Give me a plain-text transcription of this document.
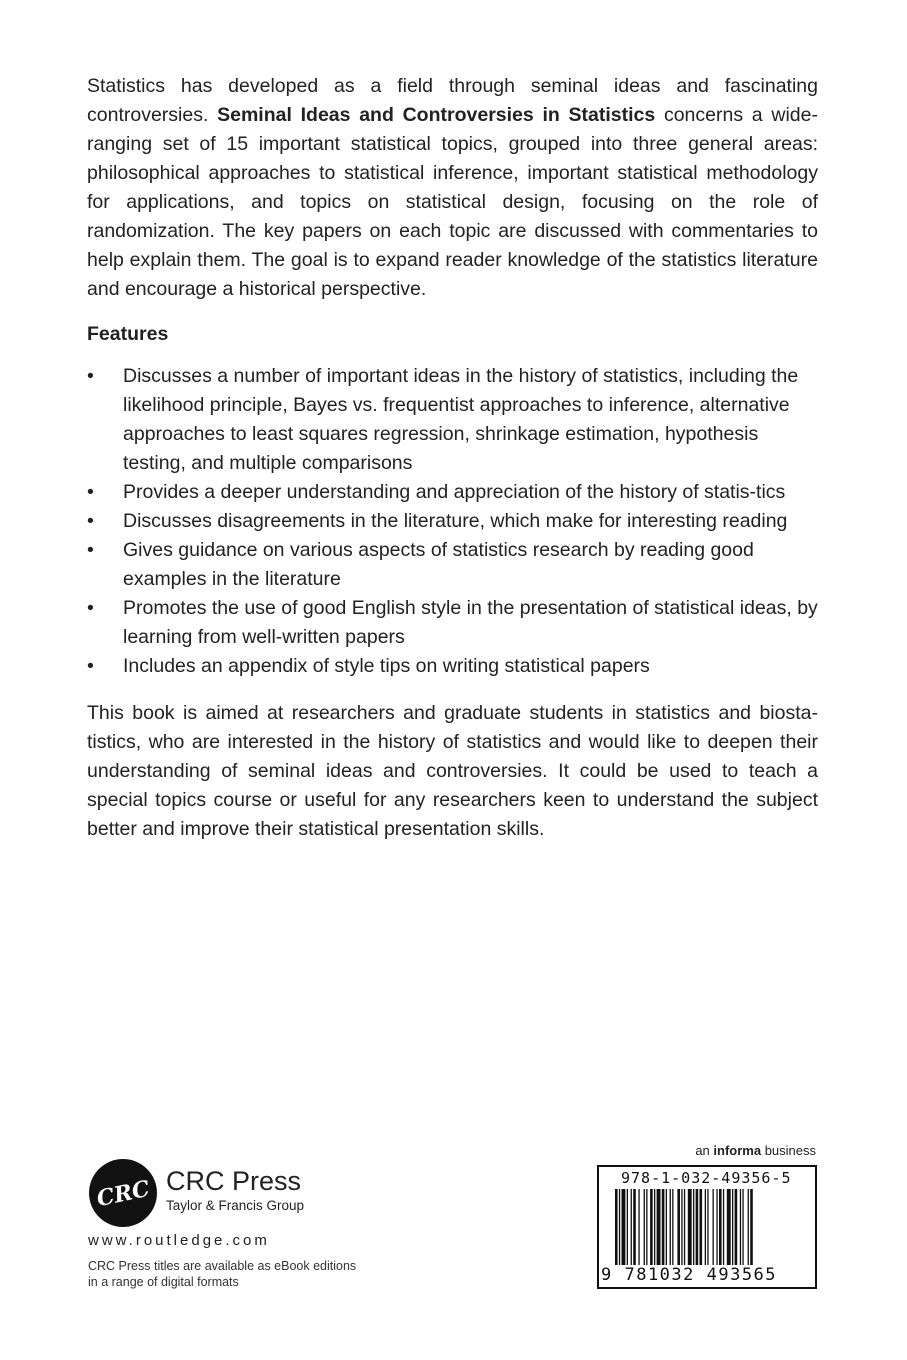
Statistics has developed as a field through seminal ideas and fascinating controversies. Seminal Ideas and Controversies in Statistics concerns a wide-ranging set of 15 important statistical topics, grouped into three general areas: philosophical approaches to statistical inference, important statistical methodology for applications, and topics on statistical design, focusing on the role of randomization. The key papers on each topic are discussed with commentaries to help explain them. The goal is to expand reader knowledge of the statistics literature and encourage a historical perspective.

Features
• Discusses a number of important ideas in the history of statistics, including the likelihood principle, Bayes vs. frequentist approaches to inference, alternative approaches to least squares regression, shrinkage estimation, hypothesis testing, and multiple comparisons
• Provides a deeper understanding and appreciation of the history of statis-tics
• Discusses disagreements in the literature, which make for interesting reading
• Gives guidance on various aspects of statistics research by reading good examples in the literature
• Promotes the use of good English style in the presentation of statistical ideas, by learning from well-written papers
• Includes an appendix of style tips on writing statistical papers

This book is aimed at researchers and graduate students in statistics and biosta-tistics, who are interested in the history of statistics and would like to deepen their understanding of seminal ideas and controversies. It could be used to teach a special topics course or useful for any researchers keen to understand the subject better and improve their statistical presentation skills.

CRC CRC Press
Taylor & Francis Group
www.routledge.com
CRC Press titles are available as eBook editions in a range of digital formats
an informa business
978-1-032-49356-5
9 781032 493565
